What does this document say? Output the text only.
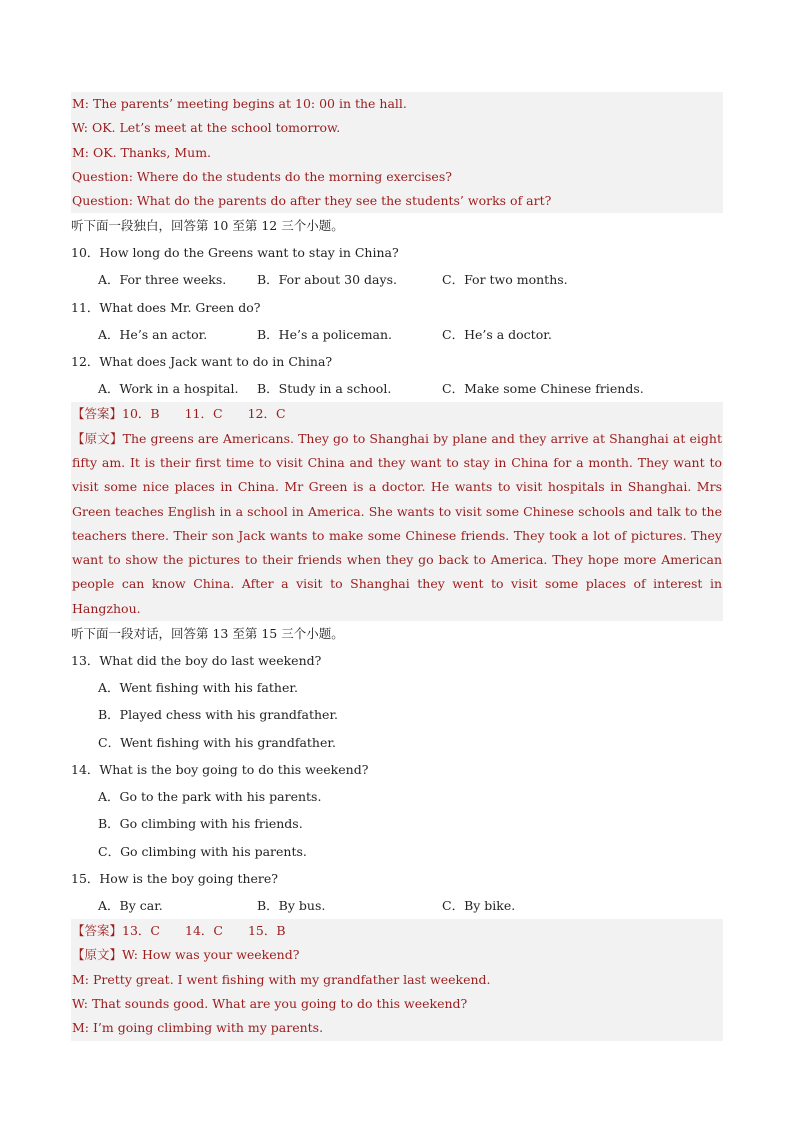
M: The parents’ meeting begins at 10: 00 in the hall.
W: OK. Let’s meet at the school tomorrow.
M: OK. Thanks, Mum.
Question: Where do the students do the morning exercises?
Question: What do the parents do after they see the students’ works of art?
听下面一段独白，回答第 10 至第 12 三个小题。
10．How long do the Greens want to stay in China?
A．For three weeks. B．For about 30 days.	C．For two months.
11．What does Mr. Green do?
A．He’s an actor.	B．He’s a policeman.	C．He’s a doctor.
12．What does Jack want to do in China?
A．Work in a hospital. B．Study in a school.	C．Make some Chinese friends.
【答案】10．B　　11．C　　12．C
【原文】The greens are Americans. They go to Shanghai by plane and they arrive at Shanghai at eight fifty am. It is their first time to visit China and they want to stay in China for a month. They want to visit some nice places in China. Mr Green is a doctor. He wants to visit hospitals in Shanghai. Mrs Green teaches English in a school in America. She wants to visit some Chinese schools and talk to the teachers there. Their son Jack wants to make some Chinese friends. They took a lot of pictures. They want to show the pictures to their friends when they go back to America. They hope more American people can know China. After a visit to Shanghai they went to visit some places of interest in Hangzhou.
听下面一段对话，回答第 13 至第 15 三个小题。
13．What did the boy do last weekend?
A．Went fishing with his father.
B．Played chess with his grandfather.
C．Went fishing with his grandfather.
14．What is the boy going to do this weekend?
A．Go to the park with his parents.
B．Go climbing with his friends.
C．Go climbing with his parents.
15．How is the boy going there?
A．By car.	B．By bus.	C．By bike.
【答案】13．C　　14．C　　15．B
【原文】W: How was your weekend?
M: Pretty great. I went fishing with my grandfather last weekend.
W: That sounds good. What are you going to do this weekend?
M: I’m going climbing with my parents.
